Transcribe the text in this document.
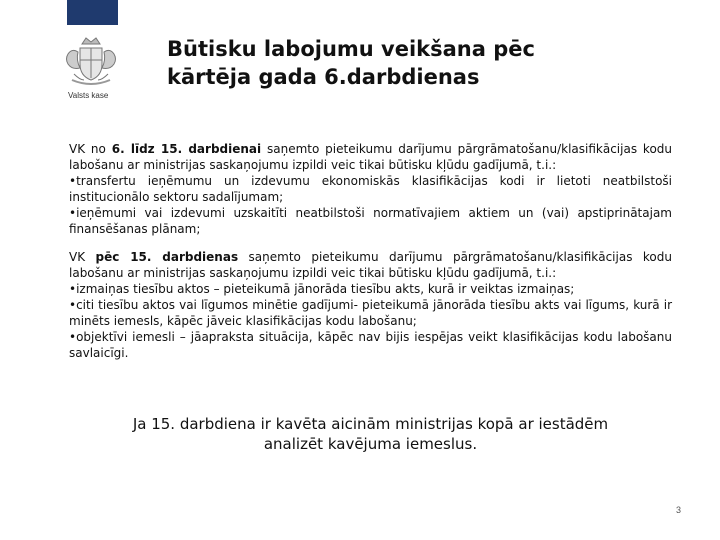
Valsts kase
Būtisku labojumu veikšana pēc
kārtēja gada 6.darbdienas

VK no 6. līdz 15. darbdienai saņemto pieteikumu darījumu pārgrāmatošanu/klasifikācijas kodu labošanu ar ministrijas saskaņojumu izpildi veic tikai būtisku kļūdu gadījumā, t.i.:

•transfertu ieņēmumu un izdevumu ekonomiskās klasifikācijas kodi ir lietoti neatbilstoši institucionālo sektoru sadalījumam;

•ieņēmumi vai izdevumi uzskaitīti neatbilstoši normatīvajiem aktiem un (vai) apstiprinātajam finansēšanas plānam;

VK pēc 15. darbdienas saņemto pieteikumu darījumu pārgrāmatošanu/klasifikācijas kodu labošanu ar ministrijas saskaņojumu izpildi veic tikai būtisku kļūdu gadījumā, t.i.:

•izmaiņas tiesību aktos – pieteikumā jānorāda tiesību akts, kurā ir veiktas izmaiņas;

•citi tiesību aktos vai līgumos minētie gadījumi- pieteikumā jānorāda tiesību akts vai līgums, kurā ir minēts iemesls, kāpēc jāveic klasifikācijas kodu labošanu;

•objektīvi iemesli – jāapraksta situācija, kāpēc nav bijis iespējas veikt klasifikācijas kodu labošanu savlaicīgi.

Ja 15. darbdiena ir kavēta aicinām ministrijas kopā ar iestādēm
analizēt kavējuma iemeslus.
3
